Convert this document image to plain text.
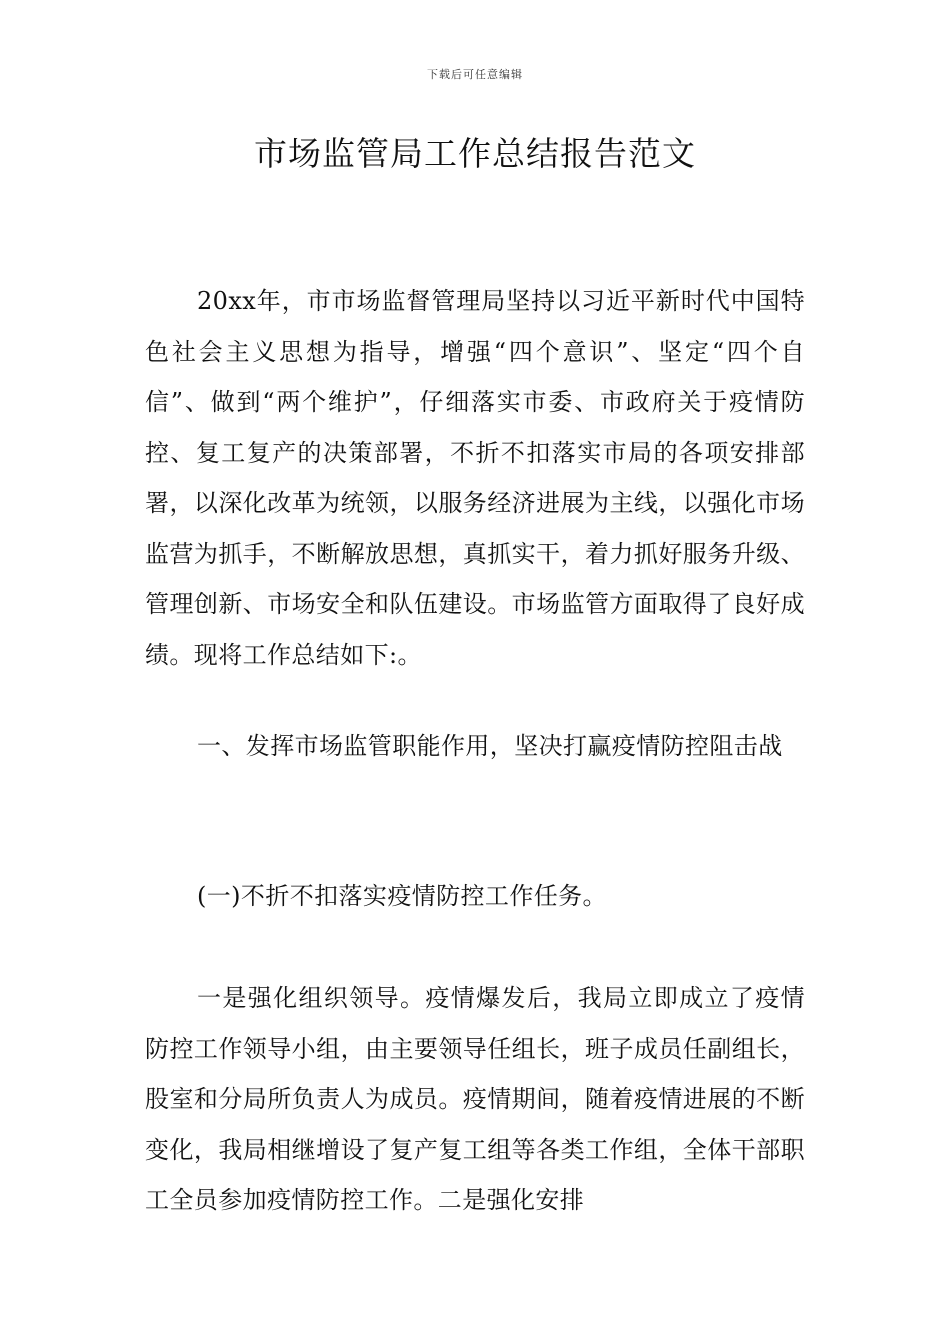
下载后可任意编辑
市场监管局工作总结报告范文

20xx年，市市场监督管理局坚持以习近平新时代中国特色社会主义思想为指导，增强“四个意识”、坚定“四个自信”、做到“两个维护”，仔细落实市委、市政府关于疫情防控、复工复产的决策部署，不折不扣落实市局的各项安排部署，以深化改革为统领，以服务经济进展为主线，以强化市场监营为抓手，不断解放思想，真抓实干，着力抓好服务升级、管理创新、市场安全和队伍建设。市场监管方面取得了良好成绩。现将工作总结如下:。

一、发挥市场监管职能作用，坚决打赢疫情防控阻击战

(一)不折不扣落实疫情防控工作任务。

一是强化组织领导。疫情爆发后，我局立即成立了疫情防控工作领导小组，由主要领导任组长，班子成员任副组长，股室和分局所负责人为成员。疫情期间，随着疫情进展的不断变化，我局相继增设了复产复工组等各类工作组，全体干部职工全员参加疫情防控工作。二是强化安排
